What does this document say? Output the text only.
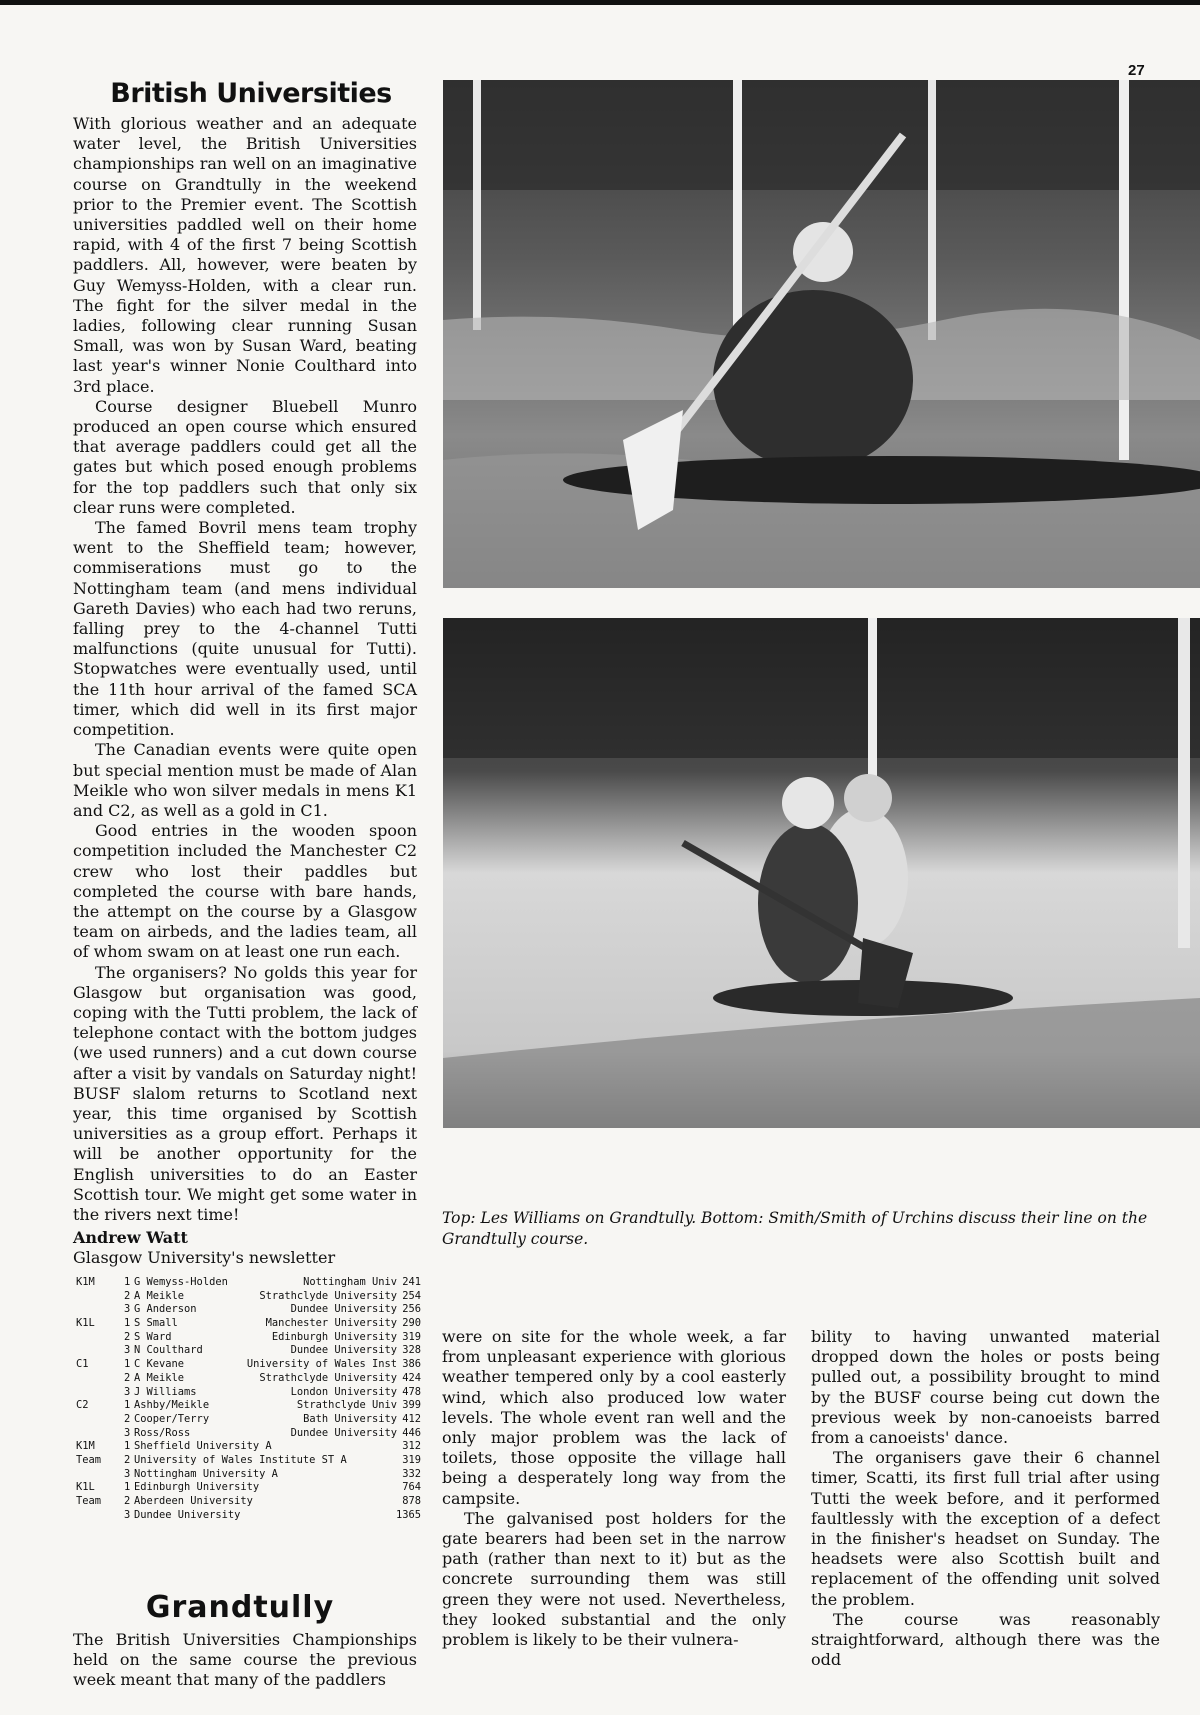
27
British Universities

With glorious weather and an adequate water level, the British Universities championships ran well on an imaginative course on Grandtully in the weekend prior to the Premier event. The Scottish universities paddled well on their home rapid, with 4 of the first 7 being Scottish paddlers. All, however, were beaten by Guy Wemyss-Holden, with a clear run. The fight for the silver medal in the ladies, following clear running Susan Small, was won by Susan Ward, beating last year's winner Nonie Coulthard into 3rd place.

Course designer Bluebell Munro produced an open course which ensured that average paddlers could get all the gates but which posed enough problems for the top paddlers such that only six clear runs were completed.

The famed Bovril mens team trophy went to the Sheffield team; however, commiserations must go to the Nottingham team (and mens individual Gareth Davies) who each had two reruns, falling prey to the 4-channel Tutti malfunctions (quite unusual for Tutti). Stopwatches were eventually used, until the 11th hour arrival of the famed SCA timer, which did well in its first major competition.

The Canadian events were quite open but special mention must be made of Alan Meikle who won silver medals in mens K1 and C2, as well as a gold in C1.

Good entries in the wooden spoon competition included the Manchester C2 crew who lost their paddles but completed the course with bare hands, the attempt on the course by a Glasgow team on airbeds, and the ladies team, all of whom swam on at least one run each.

The organisers? No golds this year for Glasgow but organisation was good, coping with the Tutti problem, the lack of telephone contact with the bottom judges (we used runners) and a cut down course after a visit by vandals on Saturday night! BUSF slalom returns to Scotland next year, this time organised by Scottish universities as a group effort. Perhaps it will be another opportunity for the English universities to do an Easter Scottish tour. We might get some water in the rivers next time!

Andrew Watt
Glasgow University's newsletter
K1M	1 G Wemyss-Holden	Nottingham Univ 241
2 A Meikle	Strathclyde University 254
3 G Anderson	Dundee University 256
K1L	1 S Small	Manchester University 290
2 S Ward	Edinburgh University 319
3 N Coulthard	Dundee University 328
C1	1 C Kevane	University of Wales Inst 386
2 A Meikle	Strathclyde University 424
3 J Williams	London University 478
C2	1 Ashby/Meikle	Strathclyde Univ 399
2 Cooper/Terry	Bath University 412
3 Ross/Ross	Dundee University 446
K1M	1 Sheffield University A	312
Team 2 University of Wales Institute ST A	319
3 Nottingham University A	332
K1L	1 Edinburgh University	764
Team 2 Aberdeen University	878
3 Dundee University	1365
Grandtully

The British Universities Championships held on the same course the previous week meant that many of the paddlers

Top: Les Williams on Grandtully. Bottom: Smith/Smith of Urchins discuss their line on the Grandtully course.

were on site for the whole week, a far from unpleasant experience with glorious weather tempered only by a cool easterly wind, which also produced low water levels. The whole event ran well and the only major problem was the lack of toilets, those opposite the village hall being a desperately long way from the campsite.

The galvanised post holders for the gate bearers had been set in the narrow path (rather than next to it) but as the concrete surrounding them was still green they were not used. Nevertheless, they looked substantial and the only problem is likely to be their vulnera-

bility to having unwanted material dropped down the holes or posts being pulled out, a possibility brought to mind by the BUSF course being cut down the previous week by non-canoeists barred from a canoeists' dance.

The organisers gave their 6 channel timer, Scatti, its first full trial after using Tutti the week before, and it performed faultlessly with the exception of a defect in the finisher's headset on Sunday. The headsets were also Scottish built and replacement of the offending unit solved the problem.

The course was reasonably straightforward, although there was the odd
